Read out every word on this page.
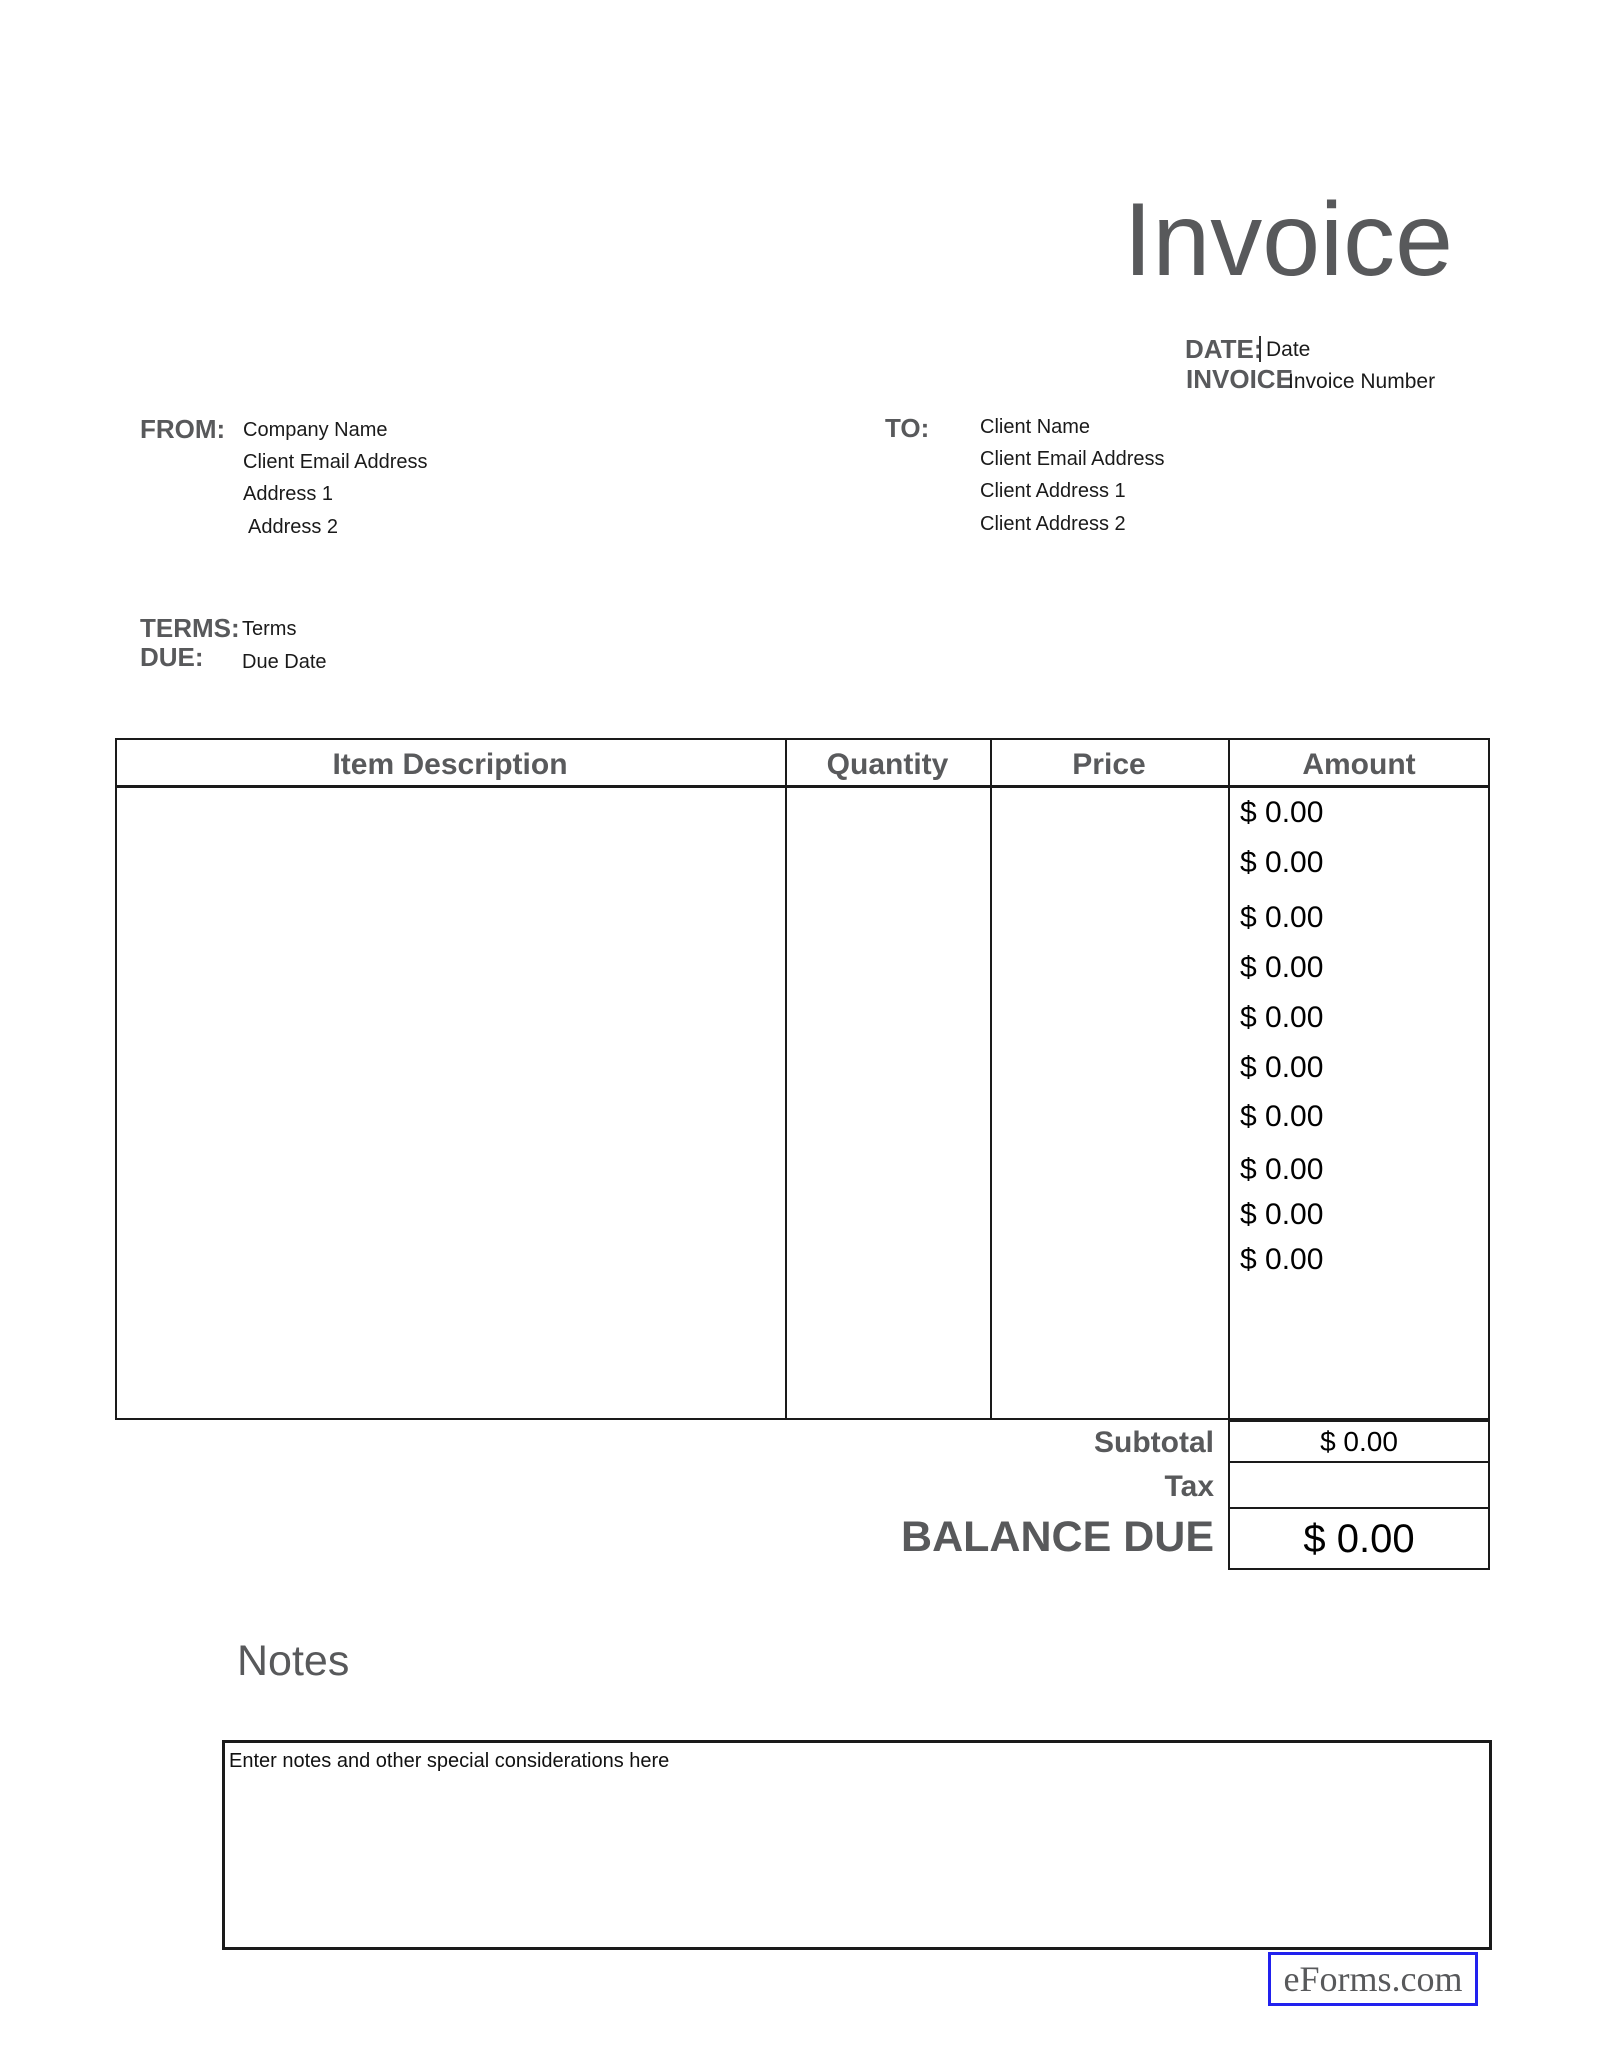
Invoice
DATE: Date
INVOICE
Invoice Number
FROM: Company Name
Client Email Address
Address 1
Address 2
TO:	Client Name
Client Email Address
Client Address 1
Client Address 2
TERMS: Terms
DUE: Due Date
Item Description	Quantity	Price	Amount
$ 0.00
$ 0.00
$ 0.00
$ 0.00
$ 0.00
$ 0.00
$ 0.00
$ 0.00
$ 0.00
$ 0.00
Subtotal	$ 0.00
Tax
BALANCE DUE	$ 0.00
Notes
Enter notes and other special considerations here
eForms.com
